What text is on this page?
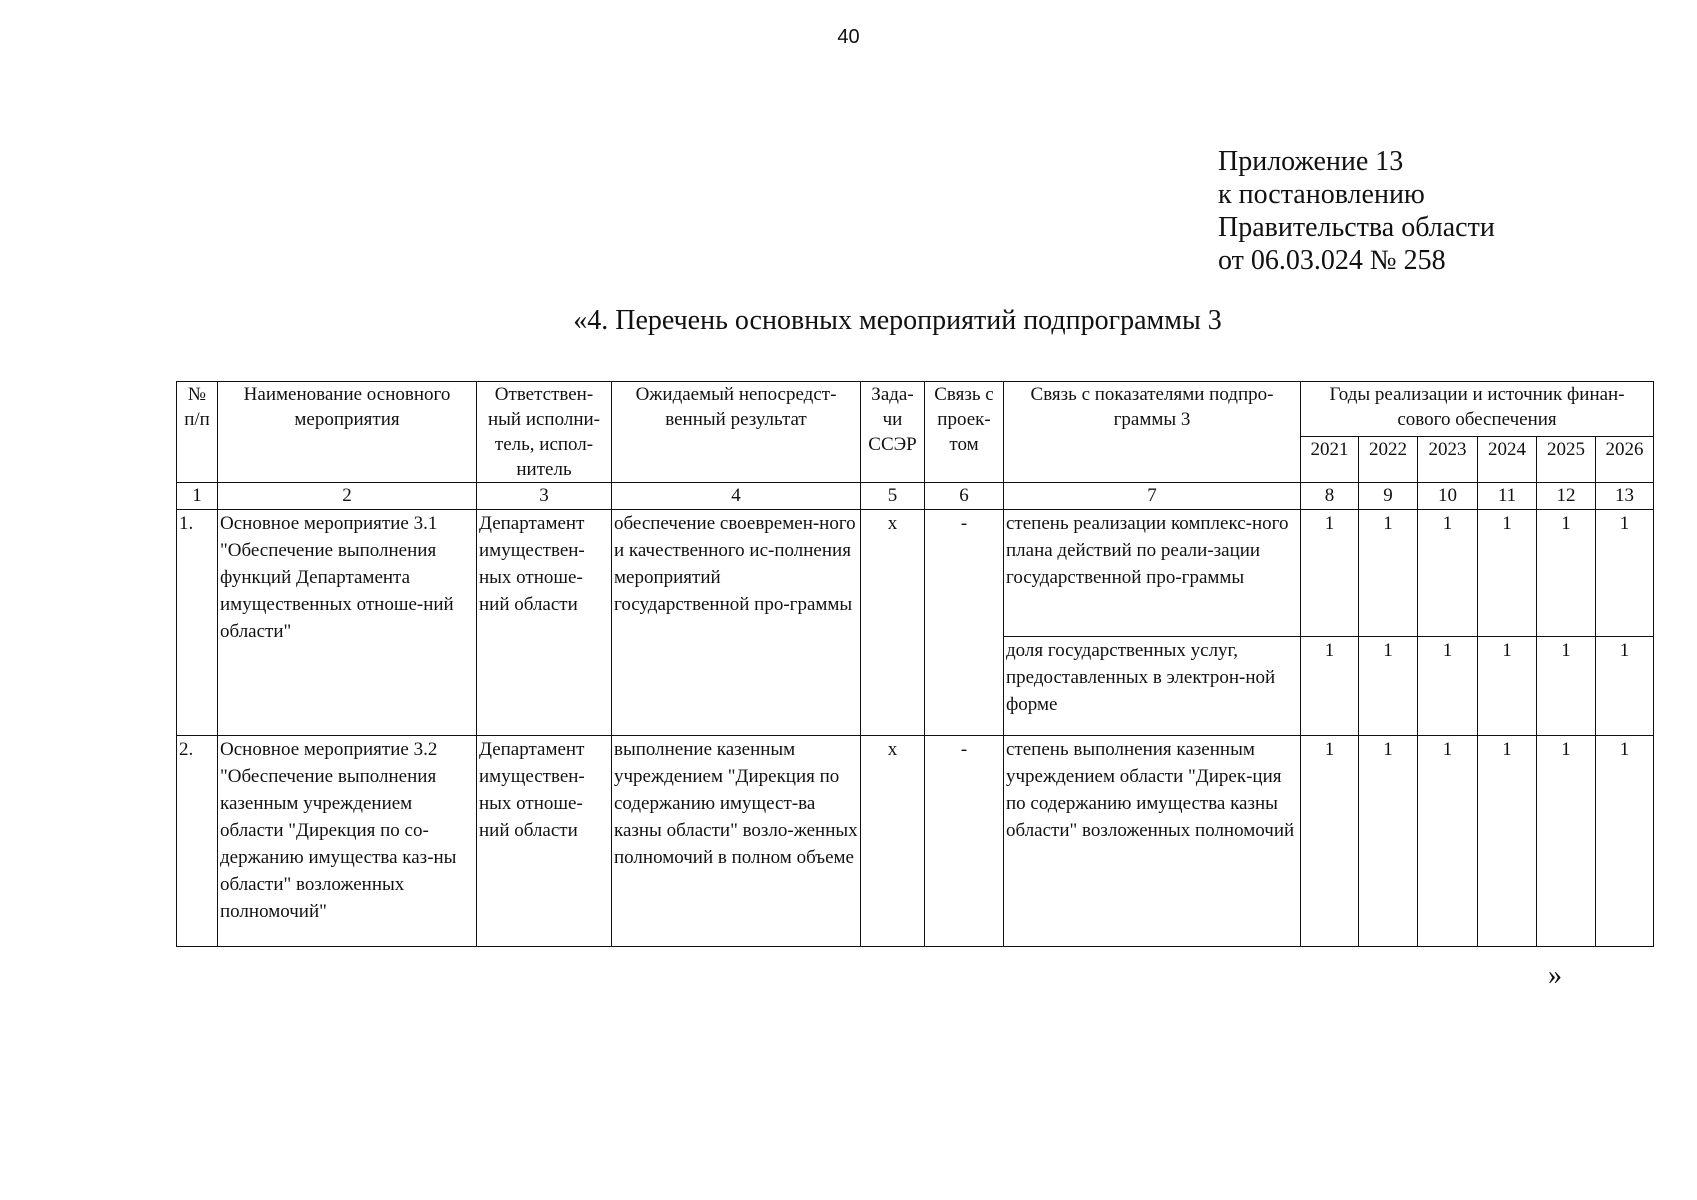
40
Приложение 13
к постановлению
Правительства области
от 06.03.024 № 258
«4. Перечень основных мероприятий подпрограммы 3
№ п/п	Наименование основного мероприятия	Ответствен-ный исполни-тель, испол-нитель	Ожидаемый непосредст-венный результат	Зада-чи ССЭР	Связь с проек-том	Связь с показателями подпро-граммы 3	Годы реализации и источник финан-сового обеспечения					
							2021	2022	2023	2024	2025	2026
1	2	3	4	5	6	7	8	9	10	11	12	13
1.	Основное мероприятие 3.1 "Обеспечение выполнения функций Департамента имущественных отноше-ний области"	Департамент имуществен-ных отноше-ний области	обеспечение своевремен-ного и качественного ис-полнения мероприятий государственной про-граммы	х	-	степень реализации комплекс-ного плана действий по реали-зации государственной про-граммы	1	1	1	1	1	1
						доля государственных услуг, предоставленных в электрон-ной форме	1	1	1	1	1	1
2.	Основное мероприятие 3.2 "Обеспечение выполнения казенным учреждением области "Дирекция по со-держанию имущества каз-ны области" возложенных полномочий"	Департамент имуществен-ных отноше-ний области	выполнение казенным учреждением "Дирекция по содержанию имущест-ва казны области" возло-женных полномочий в полном объеме	х	-	степень выполнения казенным учреждением области "Дирек-ция по содержанию имущества казны области" возложенных полномочий	1	1	1	1	1	1
»
